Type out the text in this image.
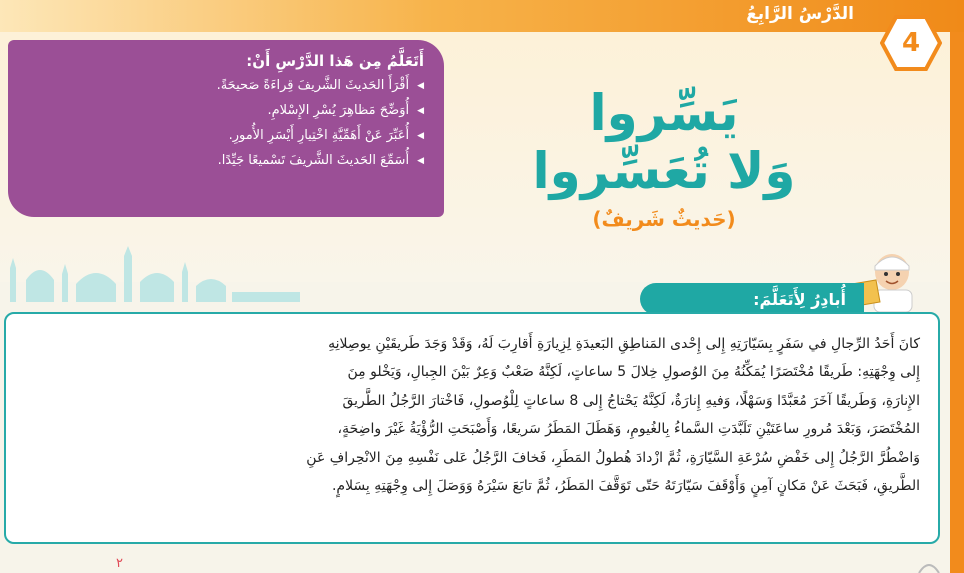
الدَّرْسُ الرَّابِعُ
4
أَتَعَلَّمُ مِن هَذا الدَّرْسِ أَنْ:
◀
أَقْرَأَ الحَديثَ الشَّريفَ قِراءَةً صَحيحَةً.
◀
أُوَضِّحَ مَظاهِرَ يُسْرِ الإِسْلامِ.
◀
أُعَبِّرَ عَنْ أَهَمِّيَّةِ اخْتِيارِ أَيْسَرِ الأُمورِ.
◀
أُسَمِّعَ الحَديثَ الشَّريفَ تَسْميعًا جَيِّدًا.
يَسِّروا
وَلا تُعَسِّروا
(حَديثٌ شَريفٌ)
أُبادِرُ لِأَتَعَلَّمَ:
كانَ أَحَدُ الرِّجالِ في سَفَرٍ بِسَيّارَتِهِ إِلى إِحْدى المَناطِقِ البَعيدَةِ لِزِيارَةِ أَقارِبَ لَهُ، وَقَدْ وَجَدَ طَريقَيْنِ يوصِلانِهِ
إِلى وِجْهَتِهِ: طَريقًا مُخْتَصَرًا يُمَكِّنُهُ مِنَ الوُصولِ خِلالَ 5 ساعاتٍ، لَكِنَّهُ صَعْبٌ وَعِرٌ بَيْنَ الجِبالِ، وَيَخْلو مِنَ
الإِنارَةِ، وَطَريقًا آخَرَ مُعَبَّدًا وَسَهْلًا، وَفيهِ إِنارَةٌ، لَكِنَّهُ يَحْتاجُ إِلى 8 ساعاتٍ لِلْوُصولِ، فَاخْتارَ الرَّجُلُ الطَّريقَ
المُخْتَصَرَ، وَبَعْدَ مُرورِ ساعَتَيْنِ تَلَبَّدَتِ السَّماءُ بِالغُيومِ، وَهَطَلَ المَطَرُ سَريعًا، وَأَصْبَحَتِ الرُّؤْيَةُ غَيْرَ واضِحَةٍ،
وَاضْطُرَّ الرَّجُلُ إِلى خَفْضِ سُرْعَةِ السَّيّارَةِ، ثُمَّ ازْدادَ هُطولُ المَطَرِ، فَخافَ الرَّجُلُ عَلى نَفْسِهِ مِنَ الانْحِرافِ عَنِ
الطَّريقِ، فَبَحَثَ عَنْ مَكانٍ آمِنٍ وَأَوْقَفَ سَيّارَتَهُ حَتّى تَوَقَّفَ المَطَرُ، ثُمَّ تابَعَ سَيْرَهُ وَوَصَلَ إِلى وِجْهَتِهِ بِسَلامٍ.
٢
